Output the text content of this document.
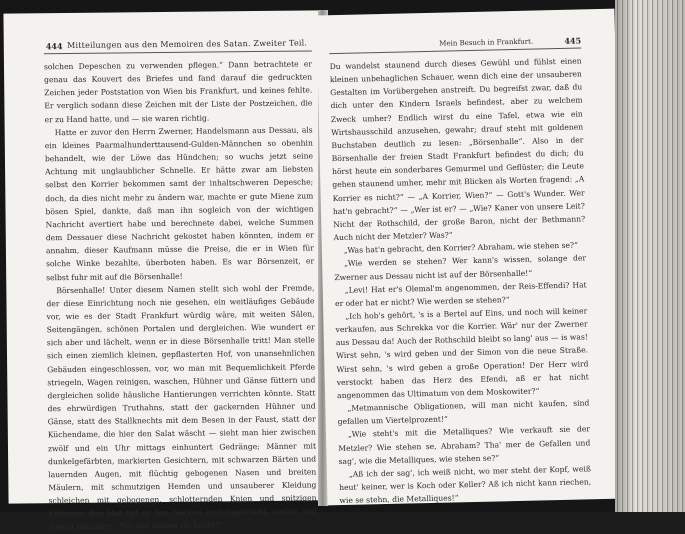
444 Mitteilungen aus den Memoiren des Satan. Zweiter Teil.

solchen Depeschen zu verwenden pflegen.“ Dann betrachtete er genau das Kouvert des Briefes und fand darauf die gedruckten Zeichen jeder Poststation von Wien bis Frankfurt, und keines fehlte. Er verglich sodann diese Zeichen mit der Liste der Postzeichen, die er zu Hand hatte, und — sie waren richtig.

Hatte er zuvor den Herrn Zwerner, Handelsmann aus Dessau, als ein kleines Paarmalhunderttausend-Gulden-Männchen so obenhin behandelt, wie der Löwe das Hündchen; so wuchs jetzt seine Achtung mit unglaublicher Schnelle. Er hätte zwar am liebsten selbst den Korrier bekommen samt der inhaltschweren Depesche; doch, da dies nicht mehr zu ändern war, machte er gute Miene zum bösen Spiel, dankte, daß man ihn sogleich von der wichtigen Nachricht avertiert habe und berechnete dabei, welche Summen dem Dessauer diese Nachricht gekostet haben könnten, indem er annahm, dieser Kaufmann müsse die Preise, die er in Wien für solche Winke bezahlte, überboten haben. Es war Börsenzeit, er selbst fuhr mit auf die Börsenhalle!

Börsenhalle! Unter diesem Namen stellt sich wohl der Fremde, der diese Einrichtung noch nie gesehen, ein weitläufiges Gebäude vor, wie es der Stadt Frankfurt würdig wäre, mit weiten Sälen, Seitengängen, schönen Portalen und dergleichen. Wie wundert er sich aber und lächelt, wenn er in diese Börsenhalle tritt! Man stelle sich einen ziemlich kleinen, gepflasterten Hof, von unansehnlichen Gebäuden eingeschlossen, vor, wo man mit Bequemlichkeit Pferde striegeln, Wagen reinigen, waschen, Hühner und Gänse füttern und dergleichen solide häusliche Hantierungen verrichten könnte. Statt des ehrwürdigen Truthahns, statt der gackernden Hühner und Gänse, statt des Stallknechts mit dem Besen in der Faust, statt der Küchendame, die hier den Salat wäscht — sieht man hier zwischen zwölf und ein Uhr mittags einhuntert Gedränge; Männer mit dunkelgefärbten, markierten Gesichtern, mit schwarzen Bärten und lauernden Augen, mit flüchtig gebogenen Nasen und breiten Mäulern, mit schmutzigen Hemden und unsauberer Kleidung schleichen mit gebogenen, schlotternden Knien und spitzigen Ellbogen, den Hut tief in den Nacken zurückgedrückt, umher und fragen einander: „Nu, wie stehen sie heute?“

445
Mein Besuch in Frankfurt.

Du wandelst staunend durch dieses Gewühl und fühlst einen kleinen unbehaglichen Schauer, wenn dich eine der unsauberen Gestalten im Vorübergehen anstreift. Du begreifst zwar, daß du dich unter den Kindern Israels befindest, aber zu welchem Zweck umher? Endlich wirst du eine Tafel, etwa wie ein Wirtshausschild anzusehen, gewahr; drauf steht mit goldenen Buchstaben deutlich zu lesen: „Börsenhalle“. Also in der Börsenhalle der freien Stadt Frankfurt befindest du dich; du hörst heute ein sonderbares Gemurmel und Geflüster; die Leute gehen staunend umher, mehr mit Blicken als Worten fragend: „A Korrier es nicht?“ — „A Korrier, Wien?“ — Gott's Wunder. Wer hat'n gebracht?“ — „Wer ist er? — „Wie? Kaner von unsere Leit? Nicht der Rothschild, der große Baron, nicht der Bethmann? Auch nicht der Metzler? Was?“

„Was hat'n gebracht, den Korrier? Abraham, wie stehen se?“

„Wie werden se stehen? Wer kann's wissen, solange der Zwerner aus Dessau nicht ist auf der Börsenhalle!“

„Levi! Hat er's Olemal'm angenommen, der Reis-Effendi? Hat er oder hat er nicht? Wie werden se stehen?“

„Ich hob's gehört, 's is a Bertel auf Eins, und noch will keiner verkaufen, aus Schrekka vor die Korrier. Wär' nur der Zwerner aus Dessau da! Auch der Rothschild bleibt so lang' aus — is was! Wirst sehn, 's wird geben und der Simon von die neue Straße. Wirst sehn, 's wird geben a große Operation! Der Herr wird verstockt haben das Herz des Efendi, aß er hat nicht angenommen das Ultimatum von dem Moskowiter?“

„Metmannische Obligationen, will man nicht kaufen, sind gefallen um Viertelprozent!“

„Wie steht's mit die Metalliques? Wie verkauft sie der Metzler? Wie stehen se, Abraham? Tha' mer de Gefallen und sag', wie die Metalliques, wie stehen se?“

„Aß ich der sag', ich weiß nicht, wo mer steht der Kopf, weiß heut' keiner, wer is Koch oder Keller? Aß ich nicht kann riechen, wie se stehn, die Metalliques!“
